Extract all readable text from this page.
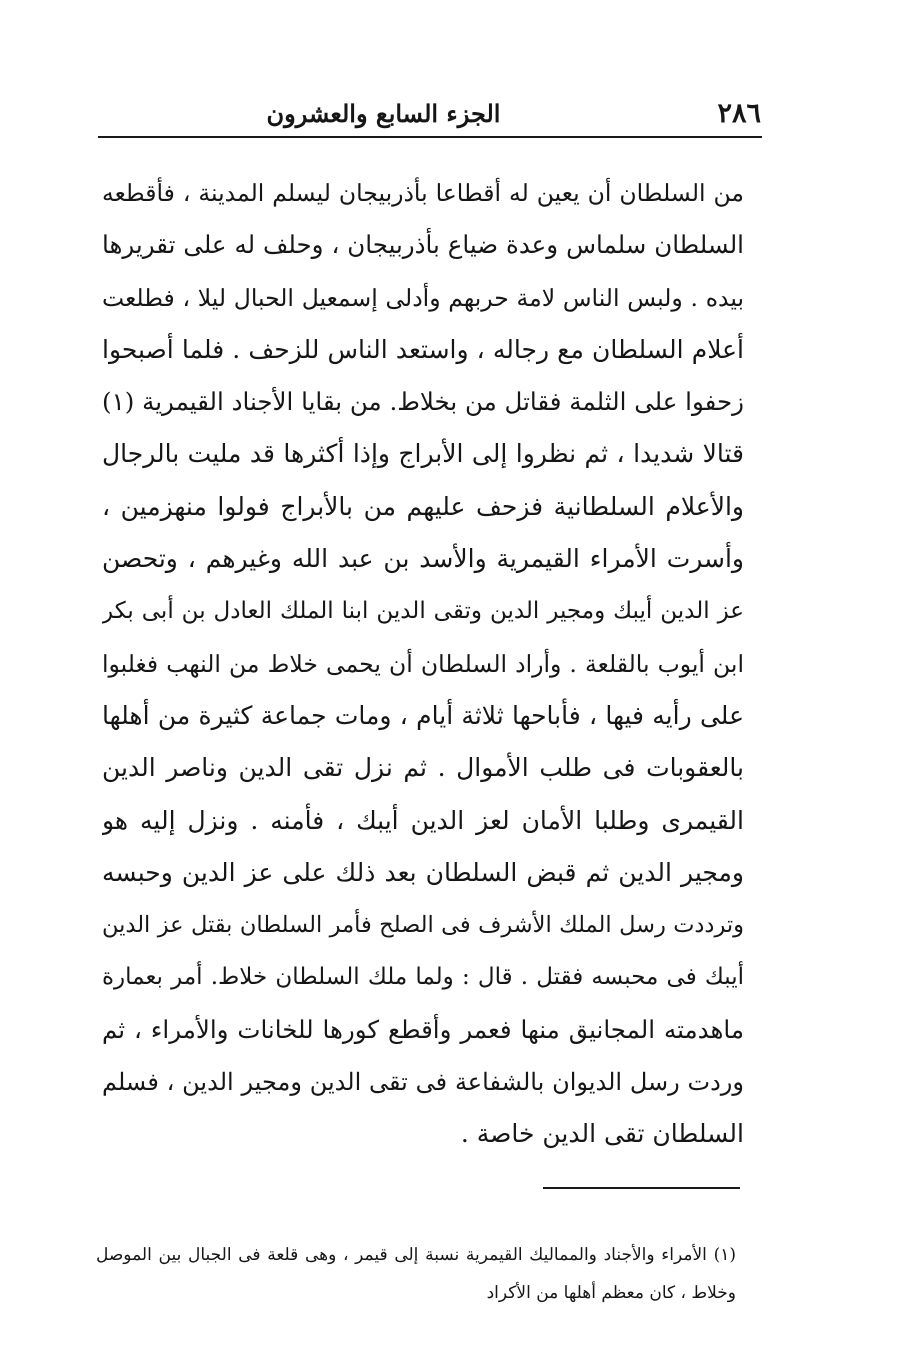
٢٨٦
الجزء السابع والعشرون
من السلطان أن يعين له أقطاعا بأذربيجان ليسلم المدينة ، فأقطعه
السلطان سلماس وعدة ضياع بأذربيجان ، وحلف له على تقريرها
بيده . ولبس الناس لامة حربهم وأدلى إسمعيل الحبال ليلا ، فطلعت
أعلام السلطان مع رجاله ، واستعد الناس للزحف . فلما أصبحوا
زحفوا على الثلمة فقاتل من بخلاط. من بقايا الأجناد القيمرية (١)
قتالا شديدا ، ثم نظروا إلى الأبراج وإذا أكثرها قد مليت بالرجال
والأعلام السلطانية فزحف عليهم من بالأبراج فولوا منهزمين ،
وأسرت الأمراء القيمرية والأسد بن عبد الله وغيرهم ، وتحصن
عز الدين أيبك ومجير الدين وتقى الدين ابنا الملك العادل بن أبى بكر
ابن أيوب بالقلعة . وأراد السلطان أن يحمى خلاط من النهب فغلبوا
على رأيه فيها ، فأباحها ثلاثة أيام ، ومات جماعة كثيرة من أهلها
بالعقوبات فى طلب الأموال . ثم نزل تقى الدين وناصر الدين
القيمرى وطلبا الأمان لعز الدين أيبك ، فأمنه . ونزل إليه هو
ومجير الدين ثم قبض السلطان بعد ذلك على عز الدين وحبسه
وترددت رسل الملك الأشرف فى الصلح فأمر السلطان بقتل عز الدين
أيبك فى محبسه فقتل . قال : ولما ملك السلطان خلاط. أمر بعمارة
ماهدمته المجانيق منها فعمر وأقطع كورها للخانات والأمراء ، ثم
وردت رسل الديوان بالشفاعة فى تقى الدين ومجير الدين ، فسلم
السلطان تقى الدين خاصة .
(١) الأمراء والأجناد والمماليك القيمرية نسبة إلى قيمر ، وهى قلعة فى الجبال بين الموصل
وخلاط ، كان معظم أهلها من الأكراد
